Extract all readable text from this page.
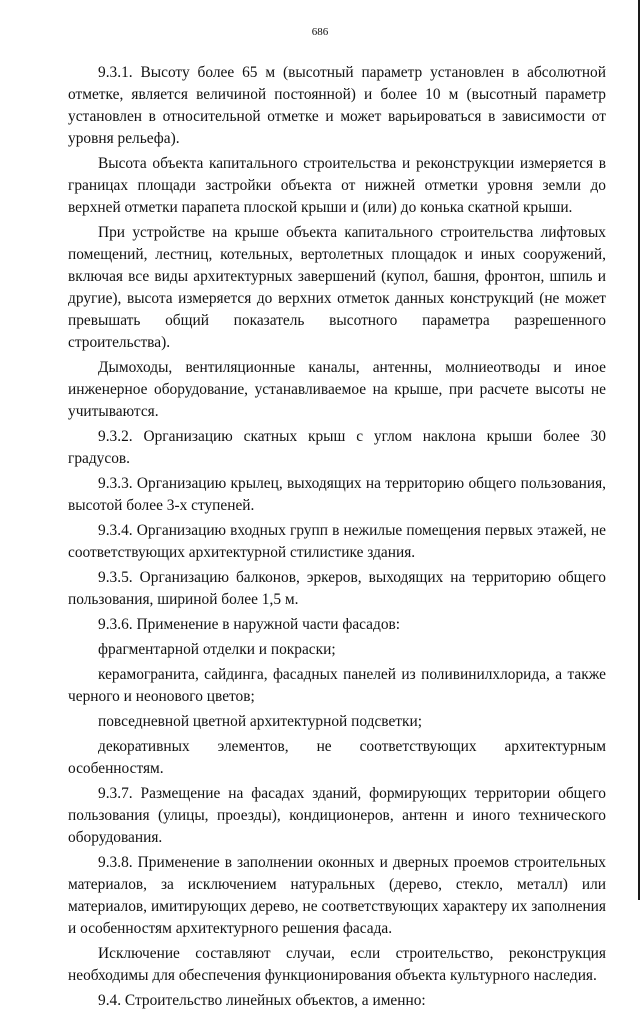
686

9.3.1. Высоту более 65 м (высотный параметр установлен в абсолютной отметке, является величиной постоянной) и более 10 м (высотный параметр установлен в относительной отметке и может варьироваться в зависимости от уровня рельефа).

Высота объекта капитального строительства и реконструкции измеряется в границах площади застройки объекта от нижней отметки уровня земли до верхней отметки парапета плоской крыши и (или) до конька скатной крыши.

При устройстве на крыше объекта капитального строительства лифтовых помещений, лестниц, котельных, вертолетных площадок и иных сооружений, включая все виды архитектурных завершений (купол, башня, фронтон, шпиль и другие), высота измеряется до верхних отметок данных конструкций (не может превышать общий показатель высотного параметра разрешенного строительства).

Дымоходы, вентиляционные каналы, антенны, молниеотводы и иное инженерное оборудование, устанавливаемое на крыше, при расчете высоты не учитываются.

9.3.2. Организацию скатных крыш с углом наклона крыши более 30 градусов.

9.3.3. Организацию крылец, выходящих на территорию общего пользования, высотой более 3-х ступеней.

9.3.4. Организацию входных групп в нежилые помещения первых этажей, не соответствующих архитектурной стилистике здания.

9.3.5. Организацию балконов, эркеров, выходящих на территорию общего пользования, шириной более 1,5 м.

9.3.6. Применение в наружной части фасадов:

фрагментарной отделки и покраски;

керамогранита, сайдинга, фасадных панелей из поливинилхлорида, а также черного и неонового цветов;

повседневной цветной архитектурной подсветки;

декоративных элементов, не соответствующих архитектурным особенностям.

9.3.7. Размещение на фасадах зданий, формирующих территории общего пользования (улицы, проезды), кондиционеров, антенн и иного технического оборудования.

9.3.8. Применение в заполнении оконных и дверных проемов строительных материалов, за исключением натуральных (дерево, стекло, металл) или материалов, имитирующих дерево, не соответствующих характеру их заполнения и особенностям архитектурного решения фасада.

Исключение составляют случаи, если строительство, реконструкция необходимы для обеспечения функционирования объекта культурного наследия.

9.4. Строительство линейных объектов, а именно:
